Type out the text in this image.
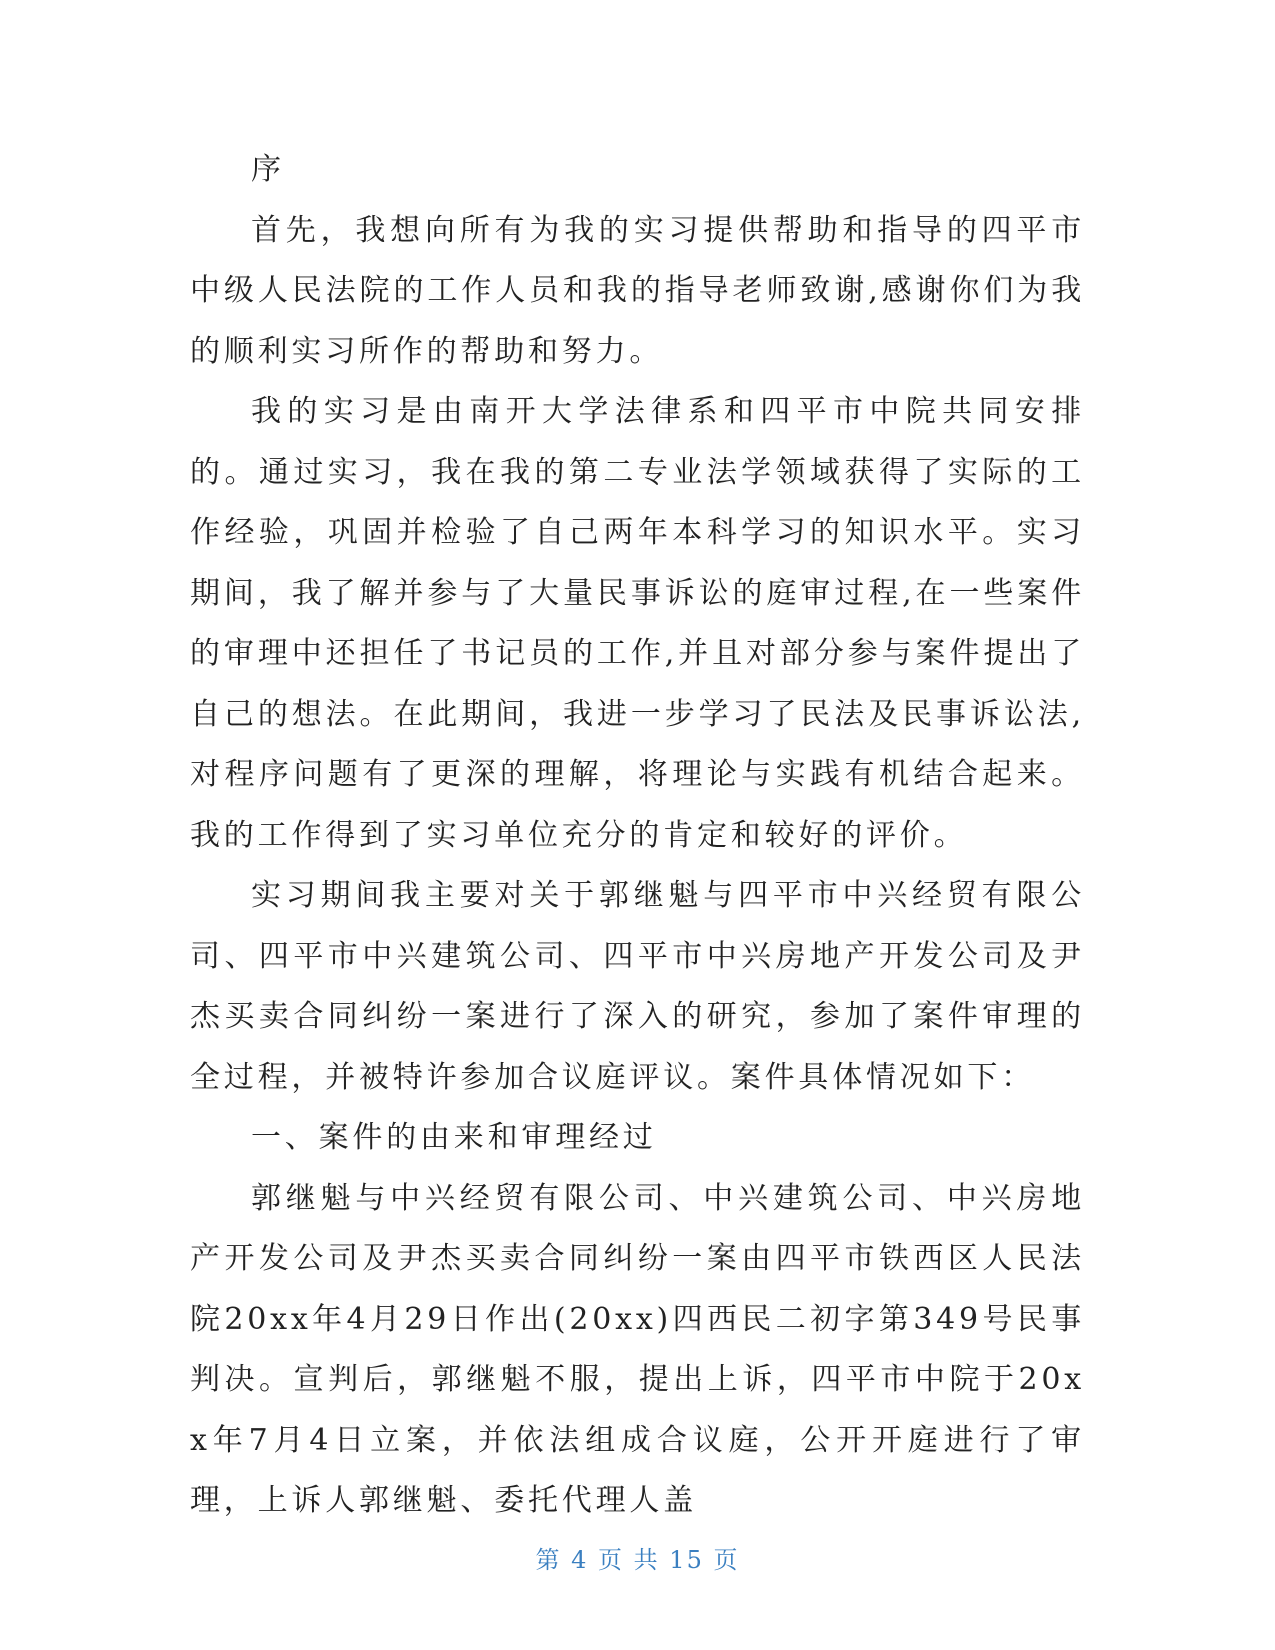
序

首先，我想向所有为我的实习提供帮助和指导的四平市中级人民法院的工作人员和我的指导老师致谢,感谢你们为我的顺利实习所作的帮助和努力。

我的实习是由南开大学法律系和四平市中院共同安排的。通过实习，我在我的第二专业法学领域获得了实际的工作经验，巩固并检验了自己两年本科学习的知识水平。实习期间，我了解并参与了大量民事诉讼的庭审过程,在一些案件的审理中还担任了书记员的工作,并且对部分参与案件提出了自己的想法。在此期间，我进一步学习了民法及民事诉讼法,对程序问题有了更深的理解，将理论与实践有机结合起来。我的工作得到了实习单位充分的肯定和较好的评价。

实习期间我主要对关于郭继魁与四平市中兴经贸有限公司、四平市中兴建筑公司、四平市中兴房地产开发公司及尹杰买卖合同纠纷一案进行了深入的研究，参加了案件审理的全过程，并被特许参加合议庭评议。案件具体情况如下：

一、案件的由来和审理经过

郭继魁与中兴经贸有限公司、中兴建筑公司、中兴房地产开发公司及尹杰买卖合同纠纷一案由四平市铁西区人民法院20xx年4月29日作出(20xx)四西民二初字第349号民事判决。宣判后，郭继魁不服，提出上诉，四平市中院于20xx年7月4日立案，并依法组成合议庭，公开开庭进行了审理，上诉人郭继魁、委托代理人盖

第 4 页 共 15 页
